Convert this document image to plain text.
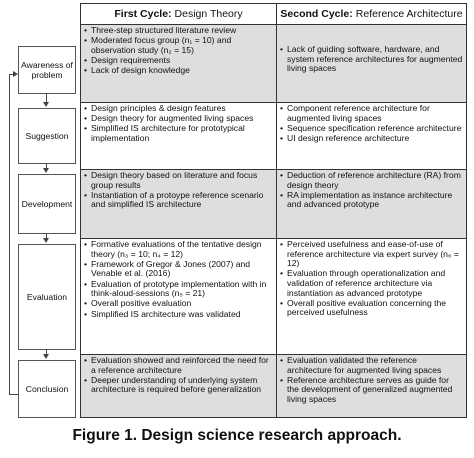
Awareness of problem
Suggestion
Development
Evaluation
Conclusion
First Cycle: Design Theory	Second Cycle: Reference Architecture
• Three-step structured literature review
• Moderated focus group (n₁ = 10) and observation study (n₂ = 15)
• Design requirements
• Lack of design knowledge
• Lack of guiding software, hardware, and system reference architectures for augmented living spaces
• Design principles & design features
• Design theory for augmented living spaces
• Simplified IS architecture for prototypical implementation
• Component reference architecture for augmented living spaces
• Sequence specification reference architecture
• UI design reference architecture
• Design theory based on literature and focus group results
• Instantiation of a protoype reference scenario and simplified IS architecture
• Deduction of reference architecture (RA) from design theory
• RA implementation as instance architecture and advanced prototype
• Formative evaluations of the tentative design theory (n₃ = 10; n₄ = 12)
• Framework of Gregor & Jones (2007) and Venable et al. (2016)
• Evaluation of prototype implementation with in think-aloud-sessions (n₅ = 21)
• Overall positive evaluation
• Simplified IS architecture was validated
• Perceived usefulness and ease-of-use of reference architecture via expert survey (n₆ = 12)
• Evaluation through operationalization and validation of reference architecture via instantiation as advanced prototype
• Overall positive evaluation concerning the perceived usefulness
• Evaluation showed and reinforced the need for a reference architecture
• Deeper understanding of underlying system architecture is required before generalization
• Evaluation validated the reference architecture for augmented living spaces
• Reference architecture serves as guide for the development of generalized augmented living spaces
Figure 1. Design science research approach.
